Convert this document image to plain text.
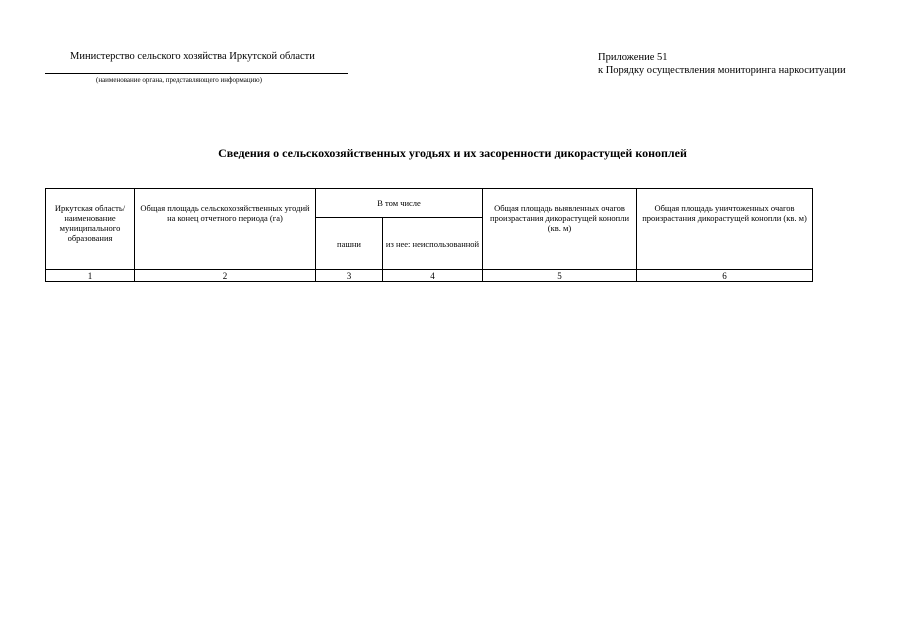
Министерство сельского хозяйства Иркутской области
(наименование органа, представляющего информацию)
Приложение 51
к Порядку осуществления мониторинга наркоситуации
Сведения о сельскохозяйственных угодьях и их засоренности дикорастущей коноплей
Иркутская область/ наименование муниципального образования	Общая площадь сельскохозяйственных угодий на конец отчетного периода (га)	В том числе		Общая площадь выявленных очагов произрастания дикорастущей конопли (кв. м)	Общая площадь уничтоженных очагов произрастания дикорастущей конопли (кв. м)
		пашни	из нее: неиспользованной		
1	2	3	4	5	6
